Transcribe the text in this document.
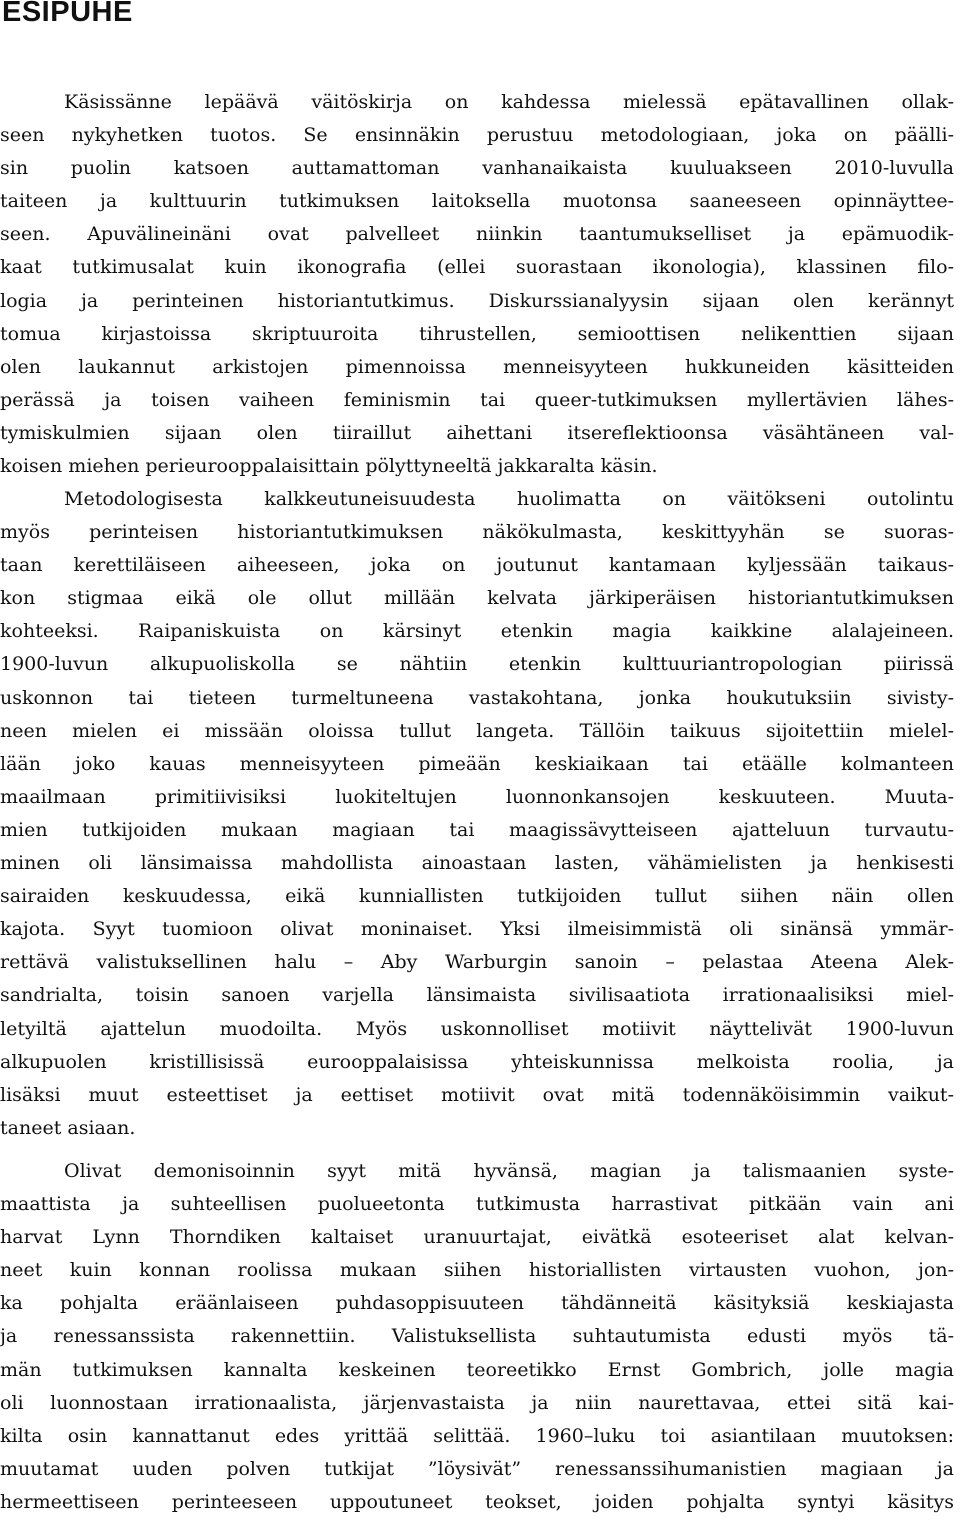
ESIPUHE
Käsissänne lepäävä väitöskirja on kahdessa mielessä epätavallinen ollak-
seen nykyhetken tuotos. Se ensinnäkin perustuu metodologiaan, joka on päälli-
sin puolin katsoen auttamattoman vanhanaikaista kuuluakseen 2010-luvulla
taiteen ja kulttuurin tutkimuksen laitoksella muotonsa saaneeseen opinnäyttee-
seen. Apuvälineinäni ovat palvelleet niinkin taantumukselliset ja epämuodik-
kaat tutkimusalat kuin ikonografia (ellei suorastaan ikonologia), klassinen filo-
logia ja perinteinen historiantutkimus. Diskurssianalyysin sijaan olen kerännyt
tomua kirjastoissa skriptuuroita tihrustellen, semioottisen nelikenttien sijaan
olen laukannut arkistojen pimennoissa menneisyyteen hukkuneiden käsitteiden
perässä ja toisen vaiheen feminismin tai queer-tutkimuksen myllertävien lähes-
tymiskulmien sijaan olen tiiraillut aihettani itsereflektioonsa väsähtäneen val-
koisen miehen perieurooppalaisittain pölyttyneeltä jakkaralta käsin.
Metodologisesta kalkkeutuneisuudesta huolimatta on väitökseni outolintu
myös perinteisen historiantutkimuksen näkökulmasta, keskittyyhän se suoras-
taan kerettiläiseen aiheeseen, joka on joutunut kantamaan kyljessään taikaus-
kon stigmaa eikä ole ollut millään kelvata järkiperäisen historiantutkimuksen
kohteeksi. Raipaniskuista on kärsinyt etenkin magia kaikkine alalajeineen.
1900-luvun alkupuoliskolla se nähtiin etenkin kulttuuriantropologian piirissä
uskonnon tai tieteen turmeltuneena vastakohtana, jonka houkutuksiin sivisty-
neen mielen ei missään oloissa tullut langeta. Tällöin taikuus sijoitettiin mielel-
lään joko kauas menneisyyteen pimeään keskiaikaan tai etäälle kolmanteen
maailmaan primitiivisiksi luokiteltujen luonnonkansojen keskuuteen. Muuta-
mien tutkijoiden mukaan magiaan tai maagissävytteiseen ajatteluun turvautu-
minen oli länsimaissa mahdollista ainoastaan lasten, vähämielisten ja henkisesti
sairaiden keskuudessa, eikä kunniallisten tutkijoiden tullut siihen näin ollen
kajota. Syyt tuomioon olivat moninaiset. Yksi ilmeisimmistä oli sinänsä ymmär-
rettävä valistuksellinen halu – Aby Warburgin sanoin – pelastaa Ateena Alek-
sandrialta, toisin sanoen varjella länsimaista sivilisaatiota irrationaalisiksi miel-
letyiltä ajattelun muodoilta. Myös uskonnolliset motiivit näyttelivät 1900-luvun
alkupuolen kristillisissä eurooppalaisissa yhteiskunnissa melkoista roolia, ja
lisäksi muut esteettiset ja eettiset motiivit ovat mitä todennäköisimmin vaikut-
taneet asiaan.
Olivat demonisoinnin syyt mitä hyvänsä, magian ja talismaanien syste-
maattista ja suhteellisen puolueetonta tutkimusta harrastivat pitkään vain ani
harvat Lynn Thorndiken kaltaiset uranuurtajat, eivätkä esoteeriset alat kelvan-
neet kuin konnan roolissa mukaan siihen historiallisten virtausten vuohon, jon-
ka pohjalta eräänlaiseen puhdasoppisuuteen tähdänneitä käsityksiä keskiajasta
ja renessanssista rakennettiin. Valistuksellista suhtautumista edusti myös tä-
män tutkimuksen kannalta keskeinen teoreetikko Ernst Gombrich, jolle magia
oli luonnostaan irrationaalista, järjenvastaista ja niin naurettavaa, ettei sitä kai-
kilta osin kannattanut edes yrittää selittää. 1960–luku toi asiantilaan muutoksen:
muutamat uuden polven tutkijat ”löysivät” renessanssihumanistien magiaan ja
hermeettiseen perinteeseen uppoutuneet teokset, joiden pohjalta syntyi käsitys
